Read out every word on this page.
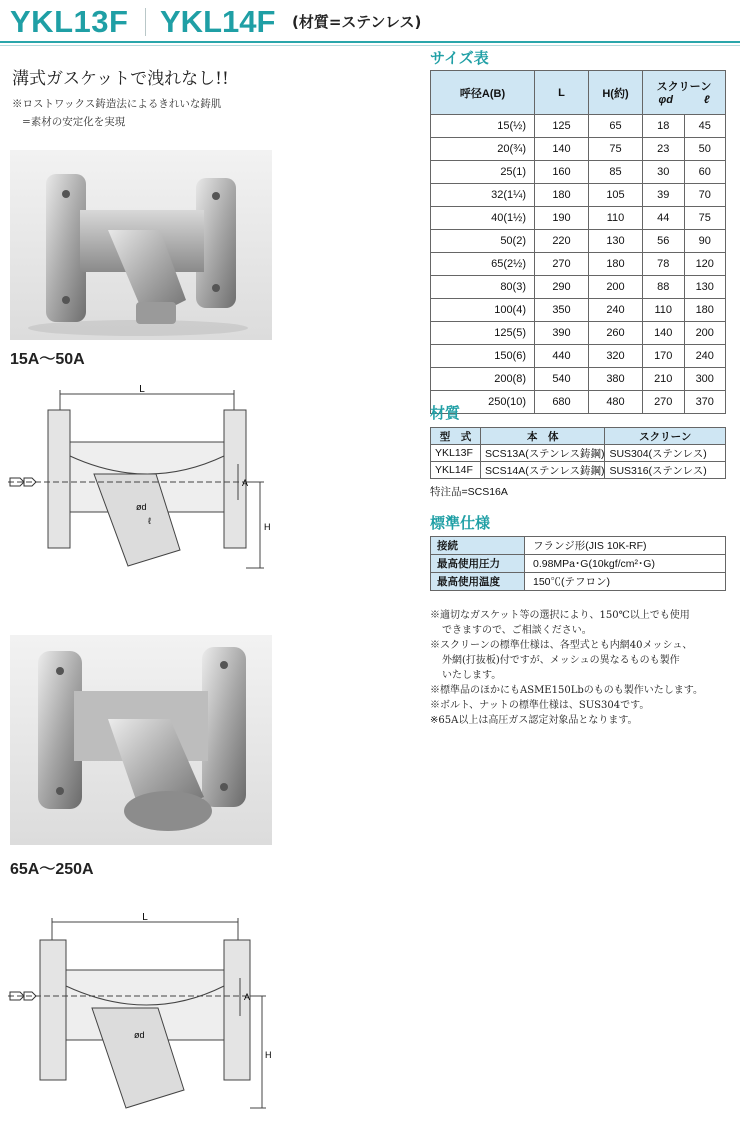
YKL13F YKL14F (材質=ステンレス)
溝式ガスケットで洩れなし!!
※ロストワックス鋳造法によるきれいな鋳肌
=素材の安定化を実現
15A〜50A
L
A
H
ød
ℓ
65A〜250A
L
A
H
ød
サイズ表
呼径A(B)	L	H(約)	スクリーン
φd ℓ	

15(½)	125	65	18	45
20(¾)	140	75	23	50
25(1)	160	85	30	60
32(1¼)	180	105	39	70
40(1½)	190	110	44	75
50(2)	220	130	56	90
65(2½)	270	180	78	120
80(3)	290	200	88	130
100(4)	350	240	110	180
125(5)	390	260	140	200
150(6)	440	320	170	240
200(8)	540	380	210	300
250(10)	680	480	270	370
材質
型　式	本　体	スクリーン
YKL13F	SCS13A(ステンレス鋳鋼)	SUS304(ステンレス)
YKL14F	SCS14A(ステンレス鋳鋼)	SUS316(ステンレス)
特注品=SCS16A
標準仕様
接続	フランジ形(JIS 10K-RF)
最高使用圧力	0.98MPa･G(10kgf/cm²･G)
最高使用温度	150℃(テフロン)
※適切なガスケット等の選択により、150℃以上でも使用
できますので、ご相談ください。
※スクリーンの標準仕様は、各型式とも内網40メッシュ、
外網(打抜板)付ですが、メッシュの異なるものも製作
いたします。
※標準品のほかにもASME150Lbのものも製作いたします。
※ボルト、ナットの標準仕様は、SUS304です。
※65A以上は高圧ガス認定対象品となります。
